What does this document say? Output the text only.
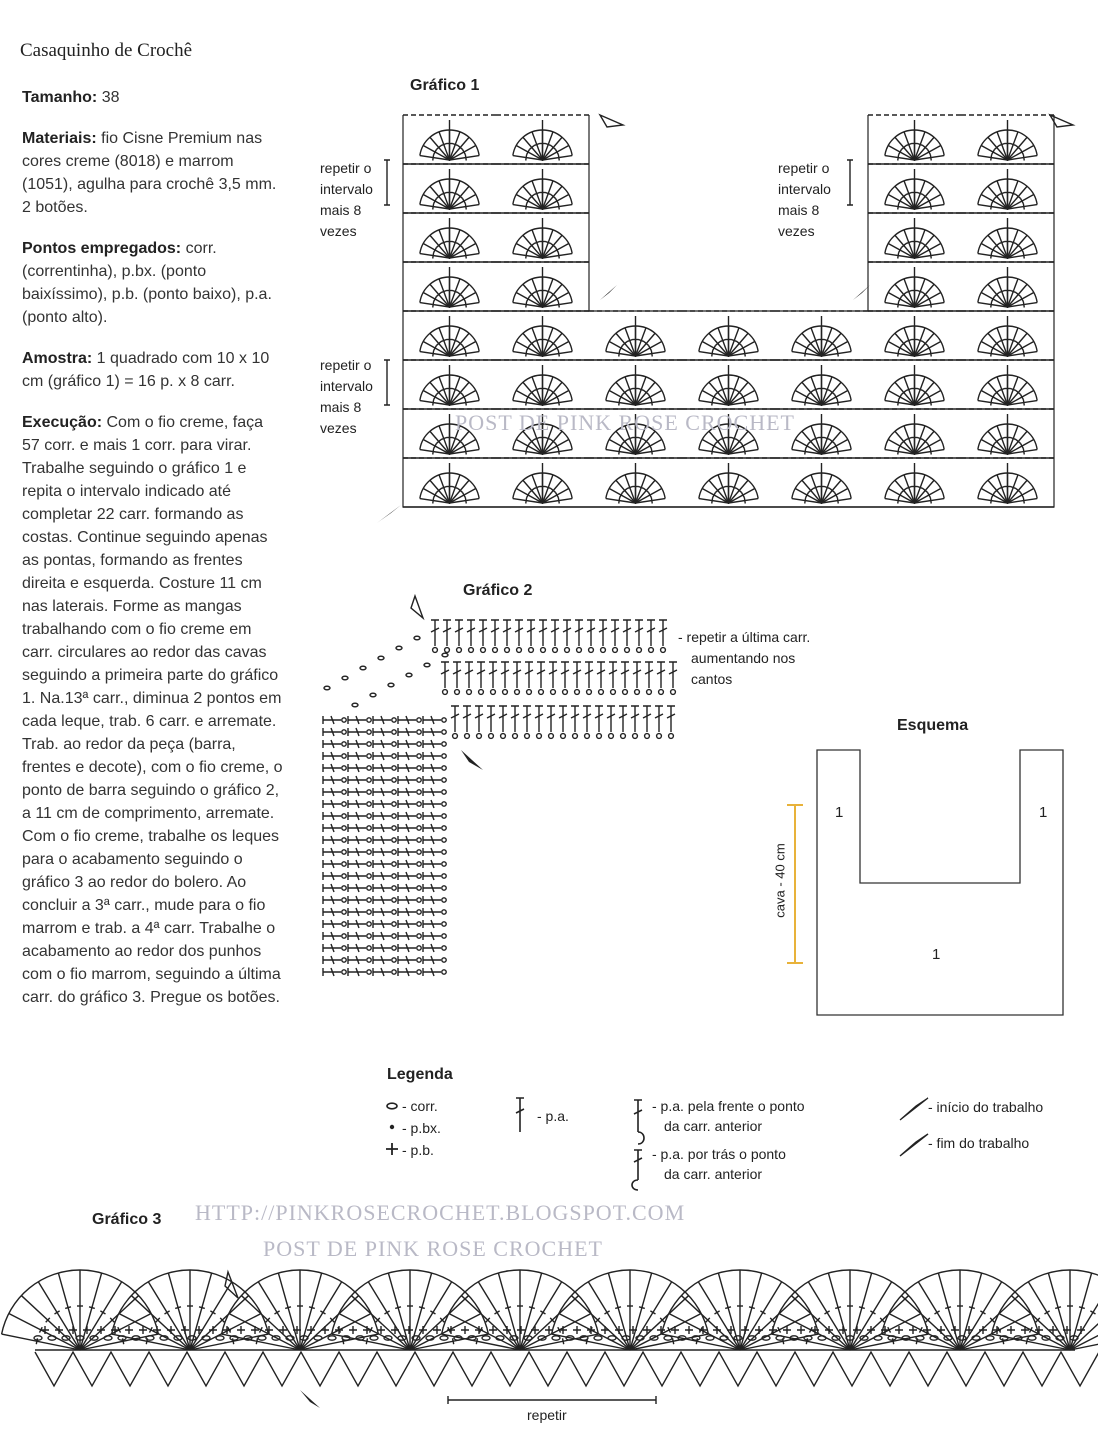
Casaquinho de Crochê

Tamanho: 38

Materiais: fio Cisne Premium nas cores creme (8018) e marrom (1051), agulha para crochê 3,5 mm. 2 botões.

Pontos empregados: corr. (correntinha), p.bx. (ponto baixíssimo), p.b. (ponto baixo), p.a. (ponto alto).

Amostra: 1 quadrado com 10 x 10 cm (gráfico 1) = 16 p. x 8 carr.

Execução: Com o fio creme, faça 57 corr. e mais 1 corr. para virar. Trabalhe seguindo o gráfico 1 e repita o intervalo indicado até completar 22 carr. formando as costas. Continue seguindo apenas as pontas, formando as frentes direita e esquerda. Costure 11 cm nas laterais. Forme as mangas trabalhando com o fio creme em carr. circulares ao redor das cavas seguindo a primeira parte do gráfico 1. Na.13ª carr., diminua 2 pontos em cada leque, trab. 6 carr. e arremate. Trab. ao redor da peça (barra, frentes e decote), com o fio creme, o ponto de barra seguindo o gráfico 2, a 11 cm de comprimento, arremate. Com o fio creme, trabalhe os leques para o acabamento seguindo o gráfico 3 ao redor do bolero. Ao concluir a 3ª carr., mude para o fio marrom e trab. a 4ª carr. Trabalhe o acabamento ao redor dos punhos com o fio marrom, seguindo a última carr. do gráfico 3. Pregue os botões.

Gráfico 1
repetir o
intervalo
mais 8
vezes
repetir o
intervalo
mais 8
vezes
repetir o
intervalo
mais 8
vezes	POST DE PINK ROSE CROCHET
Gráfico 2
- repetir a última carr.
aumentando nos
cantos
Esquema
1	1
1
cava - 40 cm
Legenda
- corr.
- p.bx.
- p.b.
- p.a.
- p.a. pela frente o ponto
da carr. anterior
- p.a. por trás o ponto
da carr. anterior
- início do trabalho
- fim do trabalho
HTTP://PINKROSECROCHET.BLOGSPOT.COM
POST DE PINK ROSE CROCHET
Gráfico 3
repetir
